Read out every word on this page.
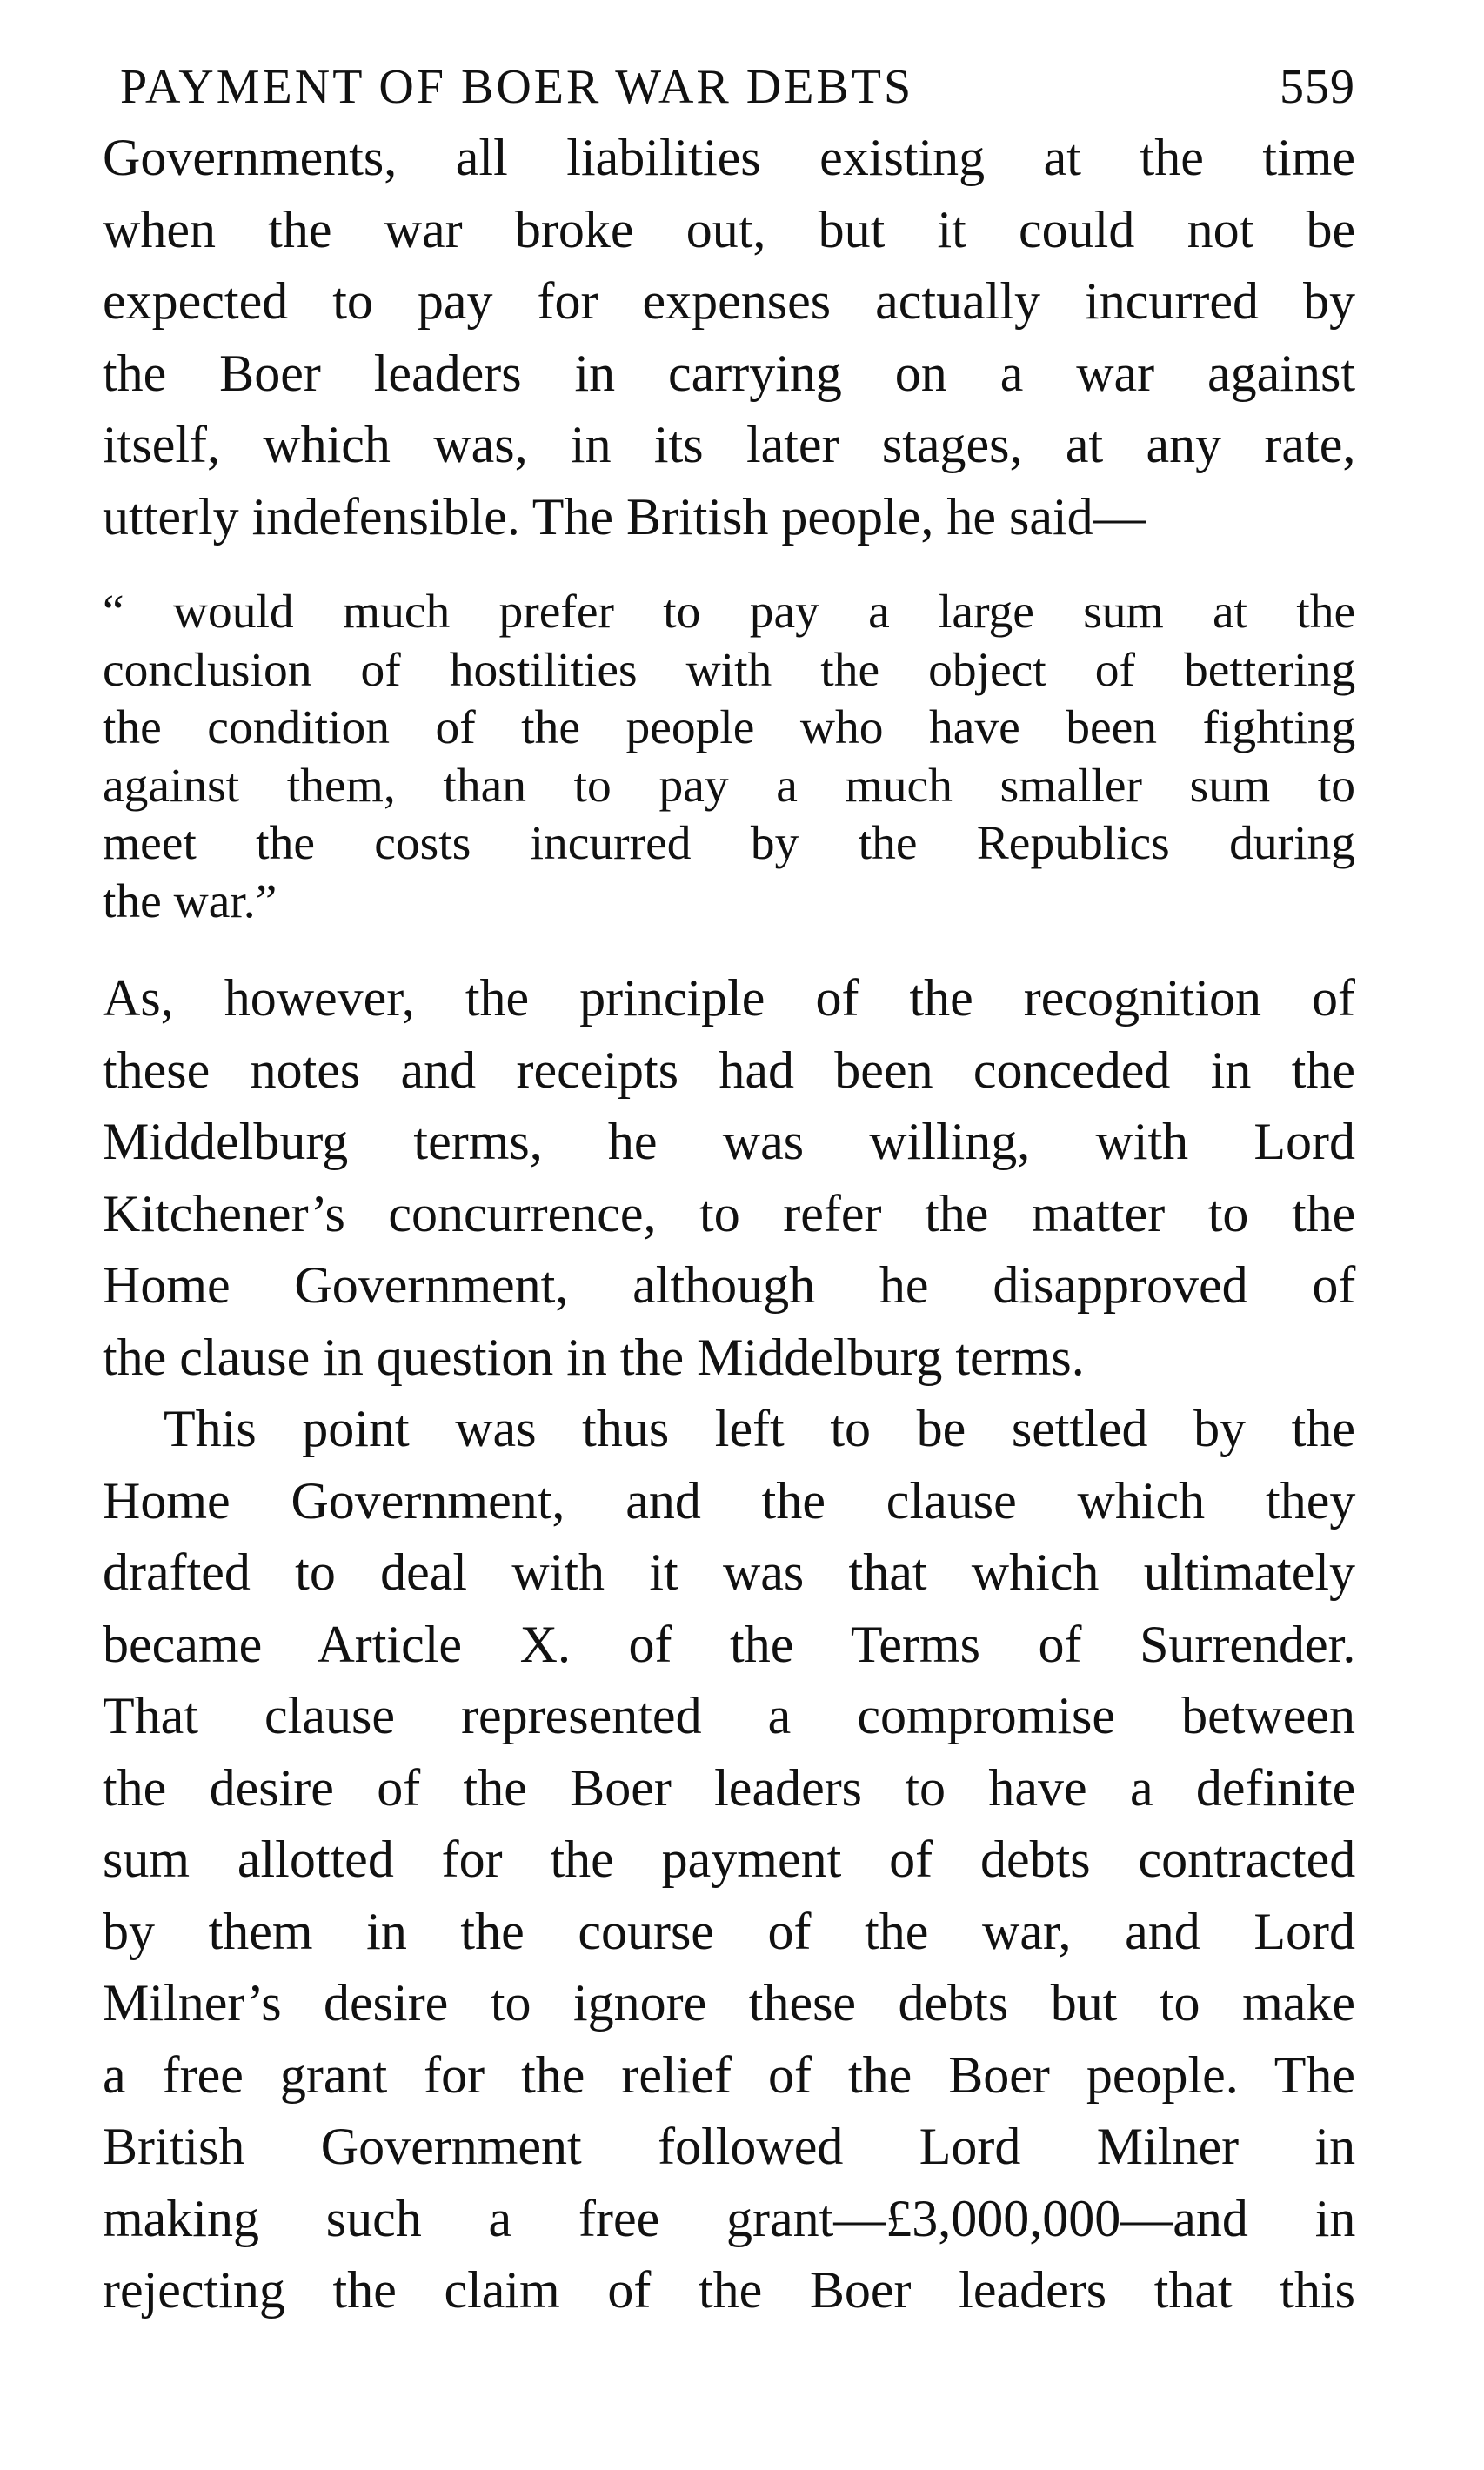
PAYMENT OF BOER WAR DEBTS	559
Governments, all liabilities existing at the time
when the war broke out, but it could not be
expected to pay for expenses actually incurred by
the Boer leaders in carrying on a war against
itself, which was, in its later stages, at any rate,
utterly indefensible. The British people, he said—
“ would much prefer to pay a large sum at the
conclusion of hostilities with the object of bettering
the condition of the people who have been fighting
against them, than to pay a much smaller sum to
meet the costs incurred by the Republics during
the war.”
As, however, the principle of the recognition of
these notes and receipts had been conceded in the
Middelburg terms, he was willing, with Lord
Kitchener’s concurrence, to refer the matter to the
Home Government, although he disapproved of
the clause in question in the Middelburg terms.
This point was thus left to be settled by the
Home Government, and the clause which they
drafted to deal with it was that which ultimately
became Article X. of the Terms of Surrender.
That clause represented a compromise between
the desire of the Boer leaders to have a definite
sum allotted for the payment of debts contracted
by them in the course of the war, and Lord
Milner’s desire to ignore these debts but to make
a free grant for the relief of the Boer people. The
British Government followed Lord Milner in
making such a free grant—£3,000,000—and in
rejecting the claim of the Boer leaders that this
